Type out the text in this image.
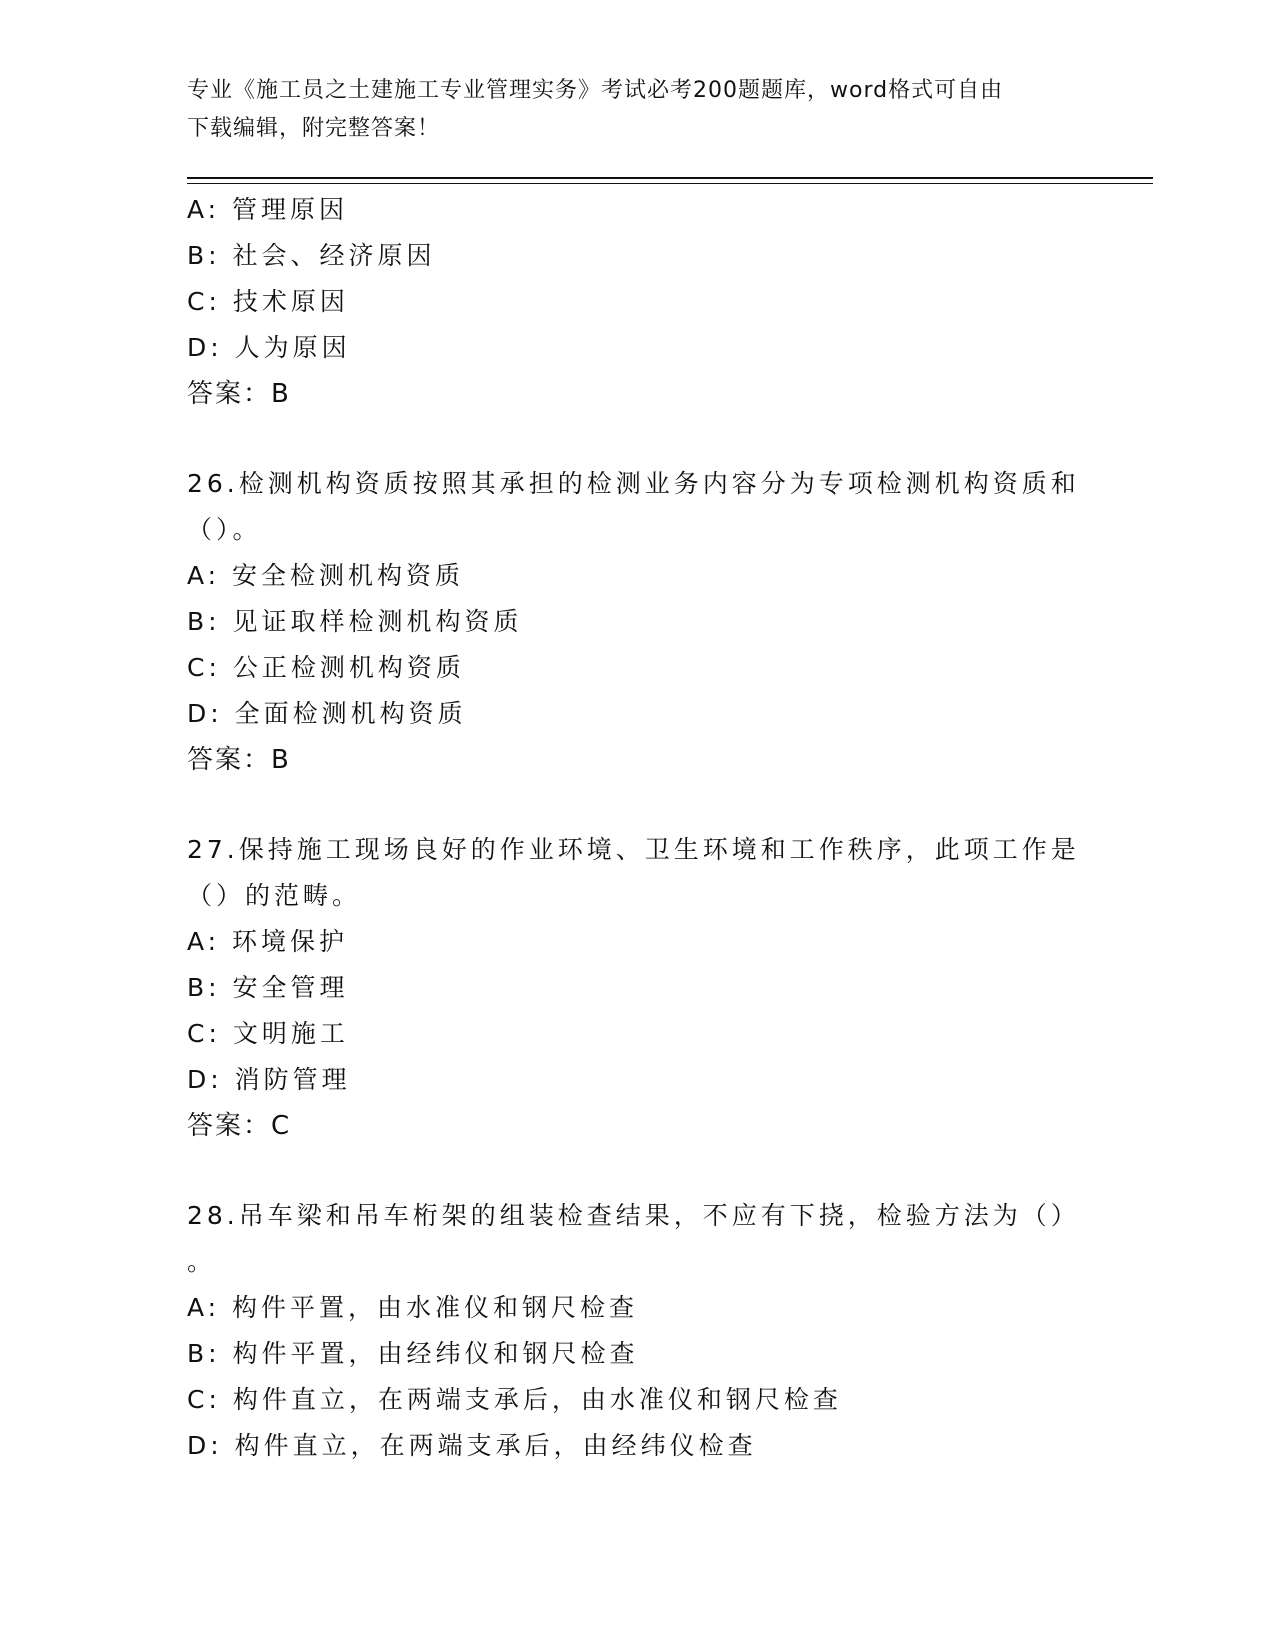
专业《施工员之土建施工专业管理实务》考试必考200题题库，word格式可自由
下载编辑，附完整答案！
A: 管理原因
B: 社会、经济原因
C: 技术原因
D: 人为原因
答案：B
26.检测机构资质按照其承担的检测业务内容分为专项检测机构资质和
（）。
A: 安全检测机构资质
B: 见证取样检测机构资质
C: 公正检测机构资质
D: 全面检测机构资质
答案：B
27.保持施工现场良好的作业环境、卫生环境和工作秩序，此项工作是
（）的范畴。
A: 环境保护
B: 安全管理
C: 文明施工
D: 消防管理
答案：C
28.吊车梁和吊车桁架的组装检查结果，不应有下挠，检验方法为（）
。
A: 构件平置，由水准仪和钢尺检查
B: 构件平置，由经纬仪和钢尺检查
C: 构件直立，在两端支承后，由水准仪和钢尺检查
D: 构件直立，在两端支承后，由经纬仪检查
